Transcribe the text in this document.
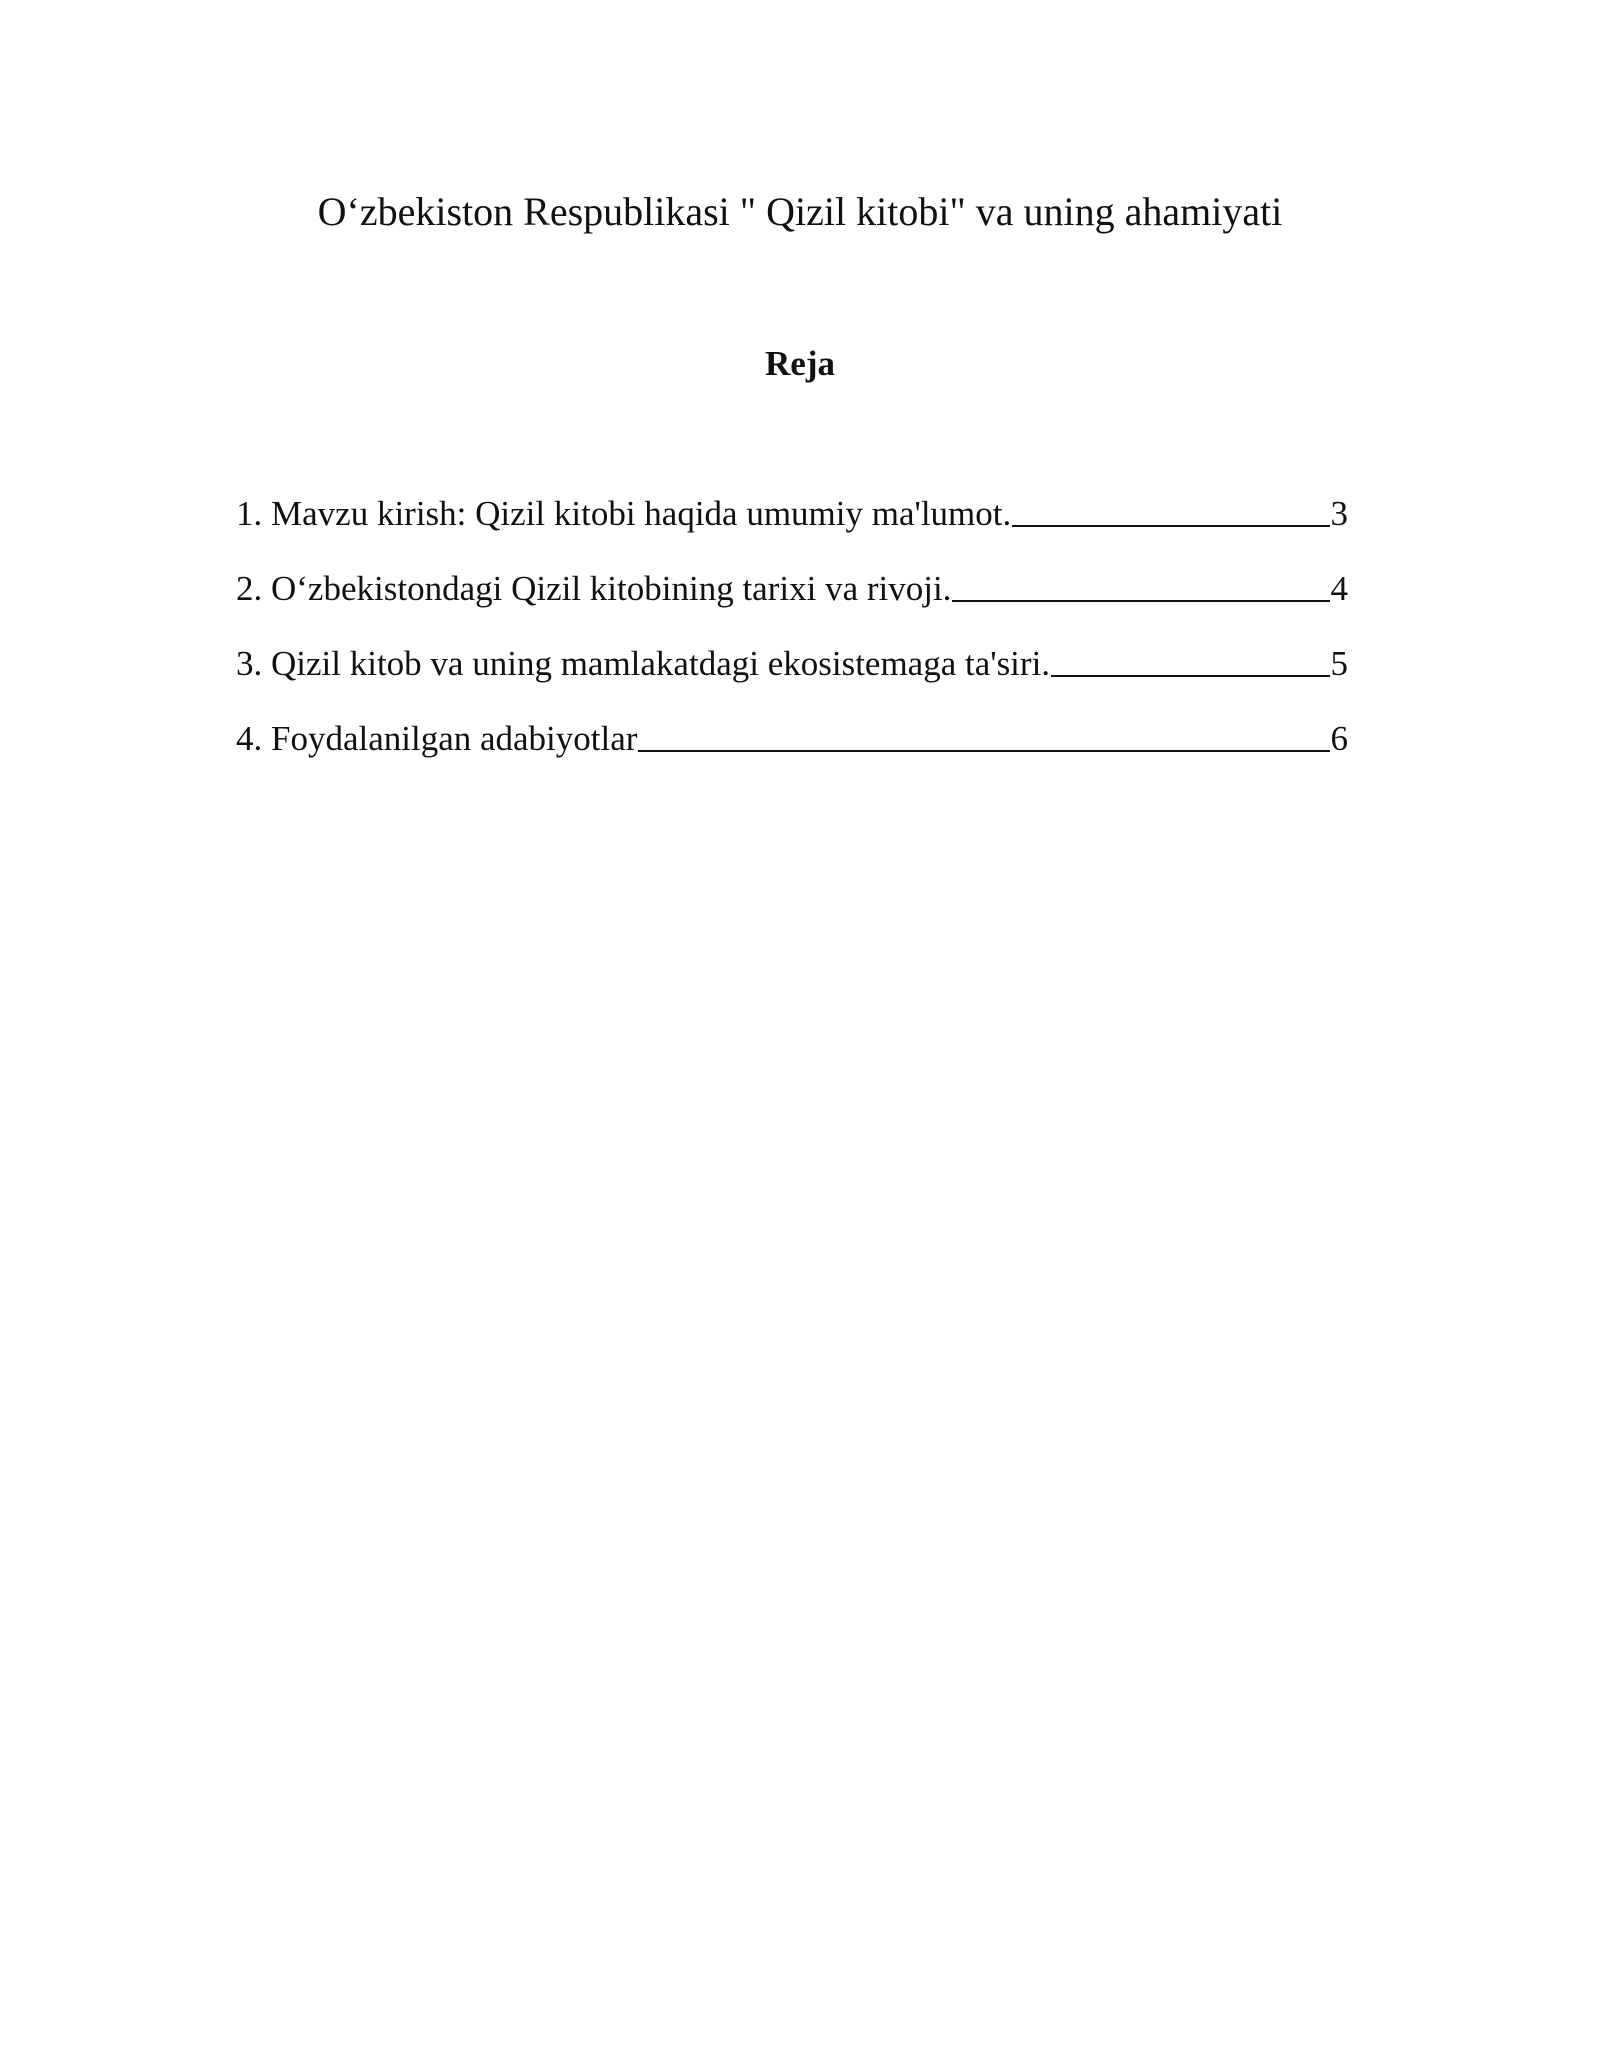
O‘zbekiston Respublikasi " Qizil kitobi" va uning ahamiyati
Reja
1. Mavzu kirish: Qizil kitobi haqida umumiy ma'lumot.	3
2. O‘zbekistondagi Qizil kitobining tarixi va rivoji.	4
3. Qizil kitob va uning mamlakatdagi ekosistemaga ta'siri.	5
4. Foydalanilgan adabiyotlar	6
